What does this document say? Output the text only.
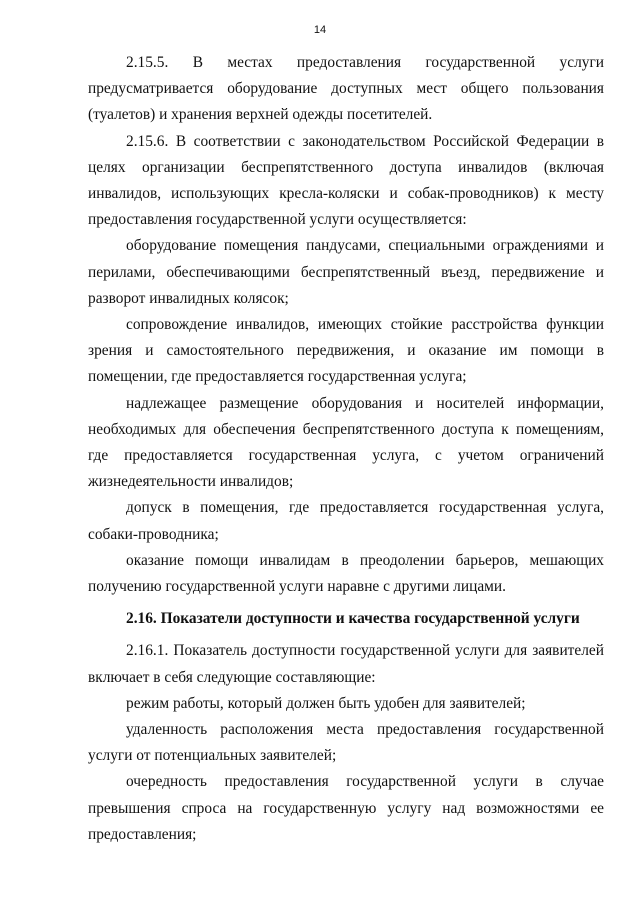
14

2.15.5. В местах предоставления государственной услуги предусматривается оборудование доступных мест общего пользования (туалетов) и хранения верхней одежды посетителей.

2.15.6. В соответствии с законодательством Российской Федерации в целях организации беспрепятственного доступа инвалидов (включая инвалидов, использующих кресла-коляски и собак-проводников) к месту предоставления государственной услуги осуществляется:

оборудование помещения пандусами, специальными ограждениями и перилами, обеспечивающими беспрепятственный въезд, передвижение и разворот инвалидных колясок;

сопровождение инвалидов, имеющих стойкие расстройства функции зрения и самостоятельного передвижения, и оказание им помощи в помещении, где предоставляется государственная услуга;

надлежащее размещение оборудования и носителей информации, необходимых для обеспечения беспрепятственного доступа к помещениям, где предоставляется государственная услуга, с учетом ограничений жизнедеятельности инвалидов;

допуск в помещения, где предоставляется государственная услуга, собаки-проводника;

оказание помощи инвалидам в преодолении барьеров, мешающих получению государственной услуги наравне с другими лицами.

2.16. Показатели доступности и качества государственной услуги

2.16.1. Показатель доступности государственной услуги для заявителей включает в себя следующие составляющие:

режим работы, который должен быть удобен для заявителей;

удаленность расположения места предоставления государственной услуги от потенциальных заявителей;

очередность предоставления государственной услуги в случае превышения спроса на государственную услугу над возможностями ее предоставления;
